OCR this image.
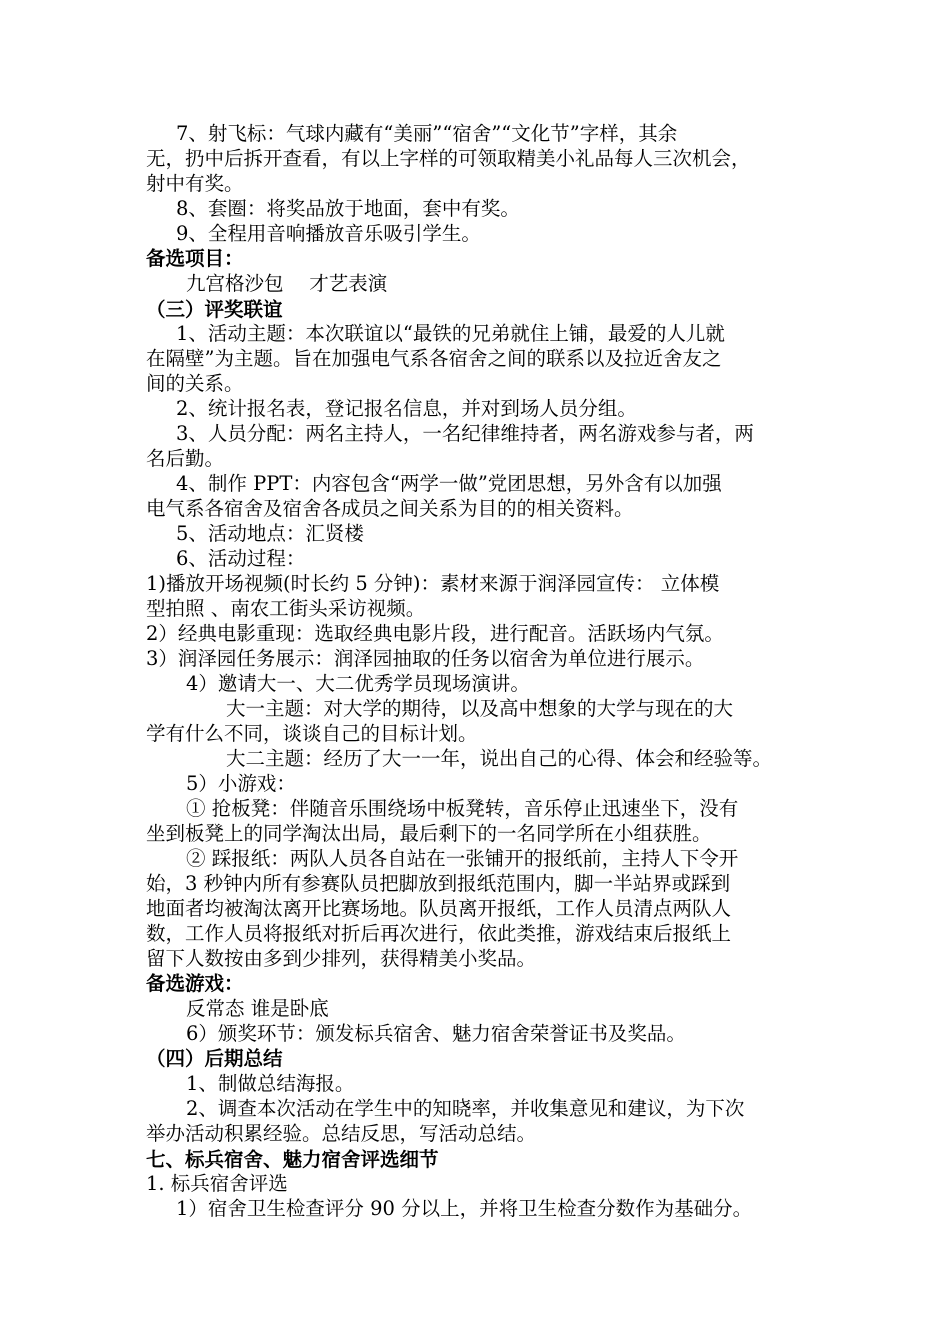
7、射飞标：气球内藏有“美丽”“宿舍”“文化节”字样，其余
无，扔中后拆开查看，有以上字样的可领取精美小礼品每人三次机会，
射中有奖。
8、套圈：将奖品放于地面，套中有奖。
9、全程用音响播放音乐吸引学生。
备选项目：
九宫格沙包　 才艺表演
（三）评奖联谊
1、活动主题：本次联谊以“最铁的兄弟就住上铺，最爱的人儿就
在隔壁”为主题。旨在加强电气系各宿舍之间的联系以及拉近舍友之
间的关系。
2、统计报名表，登记报名信息，并对到场人员分组。
3、人员分配：两名主持人，一名纪律维持者，两名游戏参与者，两
名后勤。
4、制作 PPT：内容包含“两学一做”党团思想，另外含有以加强
电气系各宿舍及宿舍各成员之间关系为目的的相关资料。
5、活动地点：汇贤楼
6、活动过程：
1)播放开场视频(时长约 5 分钟)：素材来源于润泽园宣传： 立体模
型拍照 、南农工街头采访视频。
2）经典电影重现：选取经典电影片段，进行配音。活跃场内气氛。
3）润泽园任务展示：润泽园抽取的任务以宿舍为单位进行展示。
4）邀请大一、大二优秀学员现场演讲。
大一主题：对大学的期待，以及高中想象的大学与现在的大
学有什么不同，谈谈自己的目标计划。
大二主题：经历了大一一年，说出自己的心得、体会和经验等。
5）小游戏：
① 抢板凳：伴随音乐围绕场中板凳转，音乐停止迅速坐下，没有
坐到板凳上的同学淘汰出局，最后剩下的一名同学所在小组获胜。
② 踩报纸：两队人员各自站在一张铺开的报纸前，主持人下令开
始，3 秒钟内所有参赛队员把脚放到报纸范围内，脚一半站界或踩到
地面者均被淘汰离开比赛场地。队员离开报纸，工作人员清点两队人
数，工作人员将报纸对折后再次进行，依此类推，游戏结束后报纸上
留下人数按由多到少排列，获得精美小奖品。
备选游戏：
反常态 谁是卧底
6）颁奖环节：颁发标兵宿舍、魅力宿舍荣誉证书及奖品。
（四）后期总结
1、制做总结海报。
2、调查本次活动在学生中的知晓率，并收集意见和建议，为下次
举办活动积累经验。总结反思，写活动总结。
七、标兵宿舍、魅力宿舍评选细节
1. 标兵宿舍评选
1）宿舍卫生检查评分 90 分以上，并将卫生检查分数作为基础分。
